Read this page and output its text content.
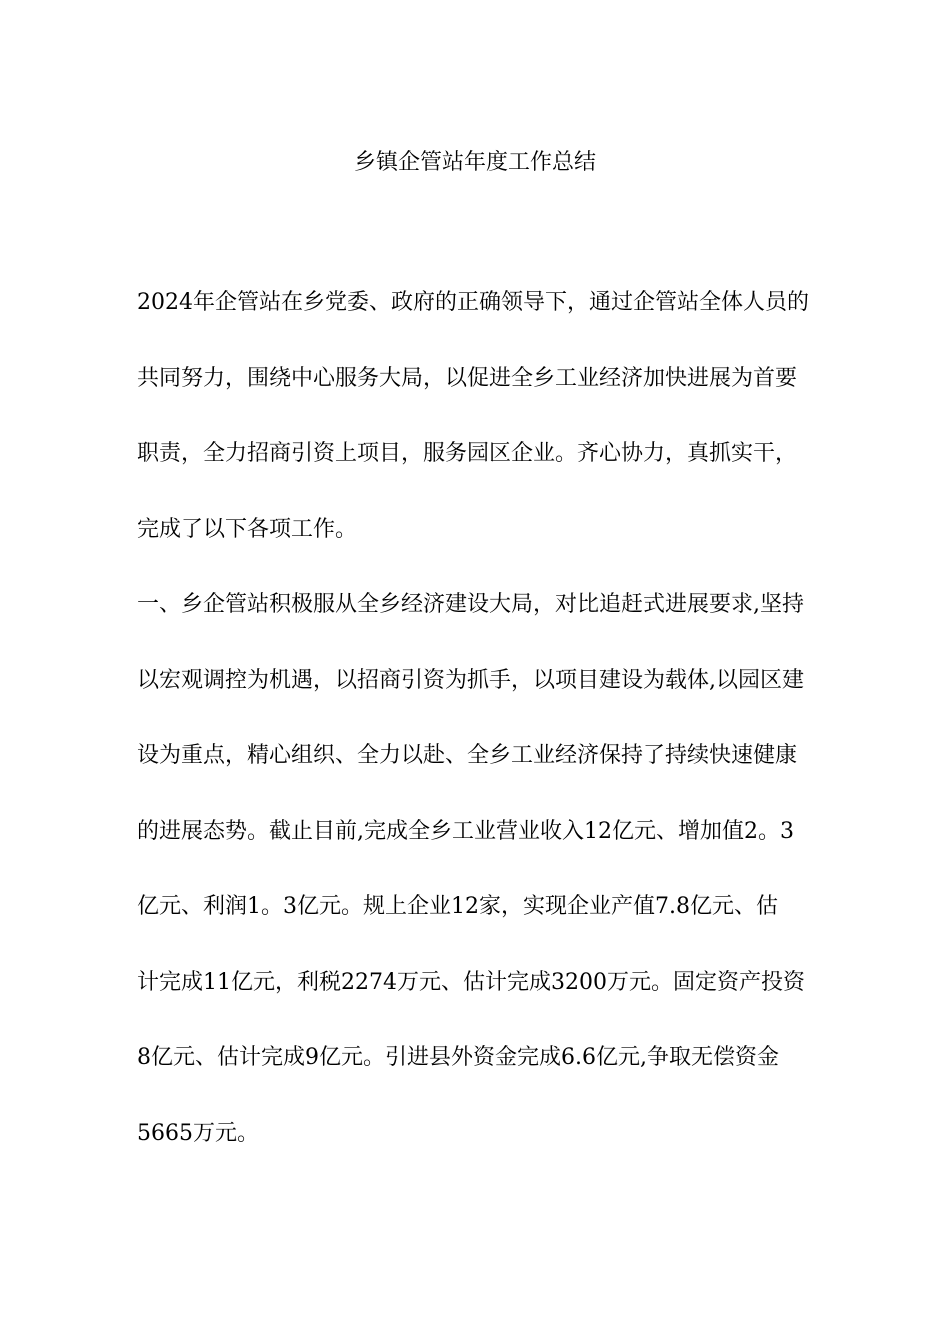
乡镇企管站年度工作总结
2024年企管站在乡党委、政府的正确领导下，通过企管站全体人员的
共同努力，围绕中心服务大局，以促进全乡工业经济加快进展为首要
职责，全力招商引资上项目，服务园区企业。齐心协力，真抓实干，
完成了以下各项工作。
一、乡企管站积极服从全乡经济建设大局，对比追赶式进展要求,坚持
以宏观调控为机遇，以招商引资为抓手，以项目建设为载体,以园区建
设为重点，精心组织、全力以赴、全乡工业经济保持了持续快速健康
的进展态势。截止目前,完成全乡工业营业收入12亿元、增加值2。3
亿元、利润1。3亿元。规上企业12家，实现企业产值7.8亿元、估
计完成11亿元，利税2274万元、估计完成3200万元。固定资产投资
8亿元、估计完成9亿元。引进县外资金完成6.6亿元,争取无偿资金
5665万元。
